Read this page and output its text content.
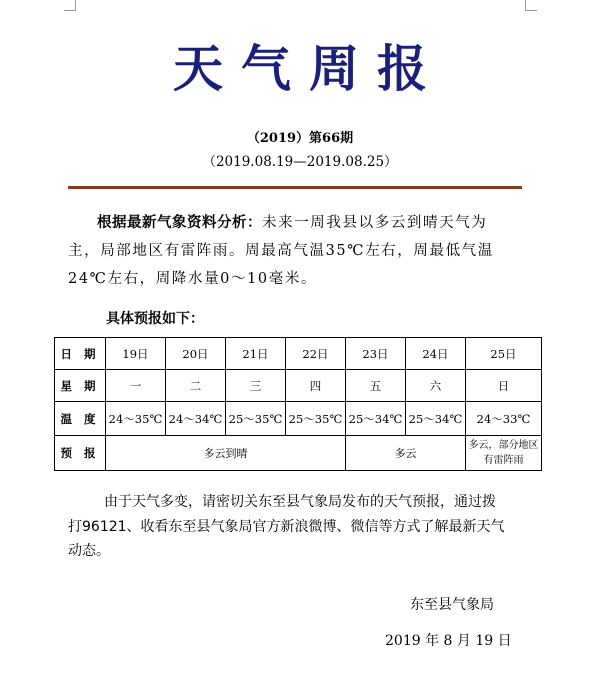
天气周报
（2019）第66期
（2019.08.19—2019.08.25）
根据最新气象资料分析：未来一周我县以多云到晴天气为主，局部地区有雷阵雨。周最高气温35℃左右，周最低气温24℃左右，周降水量0～10毫米。
具体预报如下：
日 期	19日	20日	21日	22日	23日	24日	25日
星 期	一	二	三	四	五	六	日
温 度	24～35℃	24～34℃	25～35℃	25～35℃	25～34℃	25～34℃	24～33℃
预 报	多云到晴				多云		多云，部分地区有雷阵雨
由于天气多变，请密切关东至县气象局发布的天气预报，通过拨打96121、收看东至县气象局官方新浪微博、微信等方式了解最新天气动态。
东至县气象局
2019 年 8 月 19 日
